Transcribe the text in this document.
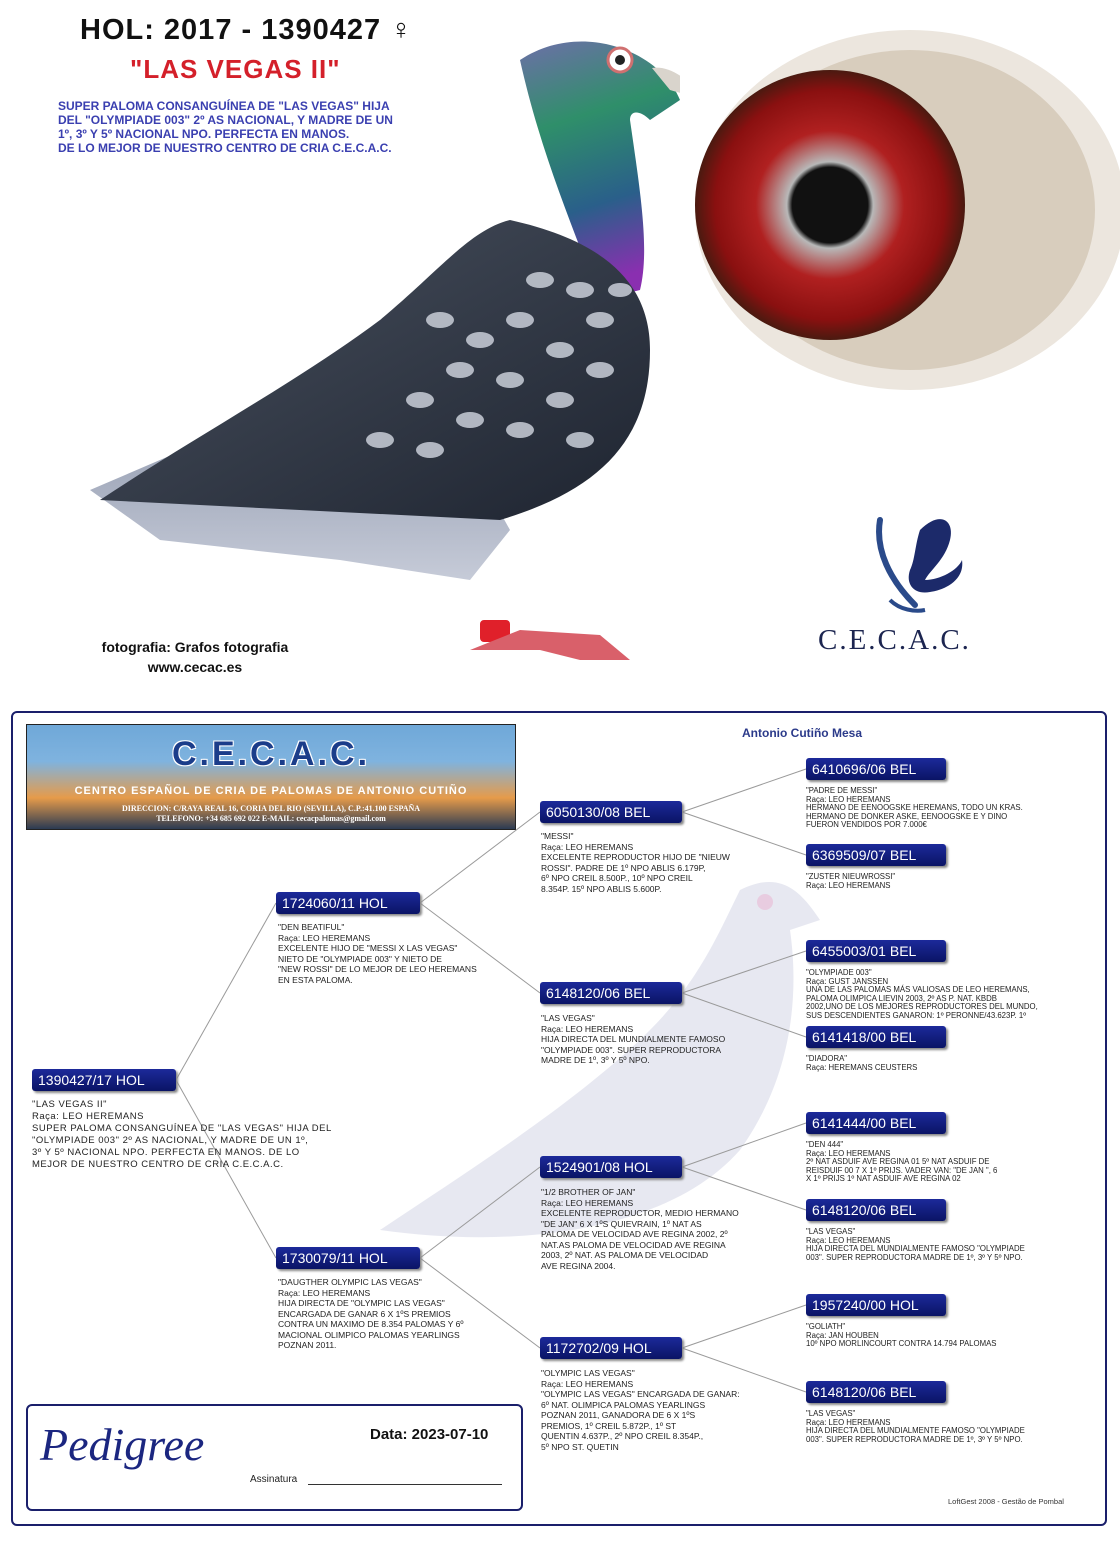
HOL: 2017 - 1390427 ♀
"LAS VEGAS II"
SUPER PALOMA CONSANGUÍNEA DE "LAS VEGAS" HIJA
DEL "OLYMPIADE 003" 2º AS NACIONAL, Y MADRE DE UN
1º, 3º Y 5º NACIONAL NPO. PERFECTA EN MANOS.
DE LO MEJOR DE NUESTRO CENTRO DE CRIA C.E.C.A.C.
fotografia: Grafos fotografia
www.cecac.es
C.E.C.A.C.
C.E.C.A.C.
CENTRO ESPAÑOL DE CRIA DE PALOMAS DE ANTONIO CUTIÑO
DIRECCION: C/RAYA REAL 16, CORIA DEL RIO (SEVILLA), C.P.:41.100 ESPAÑA
TELEFONO: +34 685 692 022 E-MAIL: cecacpalomas@gmail.com
Antonio Cutiño Mesa
1390427/17 HOL
"LAS VEGAS II"
Raça: LEO HEREMANS
SUPER PALOMA CONSANGUÍNEA DE "LAS VEGAS" HIJA DEL
"OLYMPIADE 003" 2º AS NACIONAL, Y MADRE DE UN 1º,
3º Y 5º NACIONAL NPO. PERFECTA EN MANOS. DE LO
MEJOR DE NUESTRO CENTRO DE CRIA C.E.C.A.C.
1724060/11 HOL
"DEN BEATIFUL"
Raça: LEO HEREMANS
EXCELENTE HIJO DE "MESSI X LAS VEGAS"
NIETO DE "OLYMPIADE 003" Y NIETO DE
"NEW ROSSI" DE LO MEJOR DE LEO HEREMANS
EN ESTA PALOMA.
1730079/11 HOL
"DAUGTHER OLYMPIC LAS VEGAS"
Raça: LEO HEREMANS
HIJA DIRECTA DE "OLYMPIC LAS VEGAS"
ENCARGADA DE GANAR 6 X 1ºS PREMIOS
CONTRA UN MAXIMO DE 8.354 PALOMAS Y 6º
MACIONAL OLIMPICO PALOMAS YEARLINGS
POZNAN 2011.
6050130/08 BEL
"MESSI"
Raça: LEO HEREMANS
EXCELENTE REPRODUCTOR HIJO DE "NIEUW
ROSSI". PADRE DE 1º NPO ABLIS 6.179P,
6º NPO CREIL 8.500P., 10º NPO CREIL
8.354P. 15º NPO ABLIS 5.600P.
6148120/06 BEL
"LAS VEGAS"
Raça: LEO HEREMANS
HIJA DIRECTA DEL MUNDIALMENTE FAMOSO
"OLYMPIADE 003". SUPER REPRODUCTORA
MADRE DE 1º, 3º Y 5º NPO.
1524901/08 HOL
"1/2 BROTHER OF JAN"
Raça: LEO HEREMANS
EXCELENTE REPRODUCTOR, MEDIO HERMANO
"DE JAN" 6 X 1ºS QUIEVRAIN, 1º NAT AS
PALOMA DE VELOCIDAD AVE REGINA 2002, 2º
NAT.AS PALOMA DE VELOCIDAD AVE REGINA
2003, 2º NAT. AS PALOMA DE VELOCIDAD
AVE REGINA 2004.
1172702/09 HOL
"OLYMPIC LAS VEGAS"
Raça: LEO HEREMANS
"OLYMPIC LAS VEGAS" ENCARGADA DE GANAR:
6º NAT. OLIMPICA PALOMAS YEARLINGS
POZNAN 2011, GANADORA DE 6 X 1ºS
PREMIOS, 1º CREIL 5.872P., 1º ST
QUENTIN 4.637P., 2º NPO CREIL 8.354P.,
5º NPO ST. QUETIN
6410696/06 BEL
"PADRE DE MESSI"
Raça: LEO HEREMANS
HERMANO DE EENOOGSKE HEREMANS, TODO UN KRAS.
HERMANO DE DONKER ASKE, EENOOGSKE E Y DINO
FUERON VENDIDOS POR 7.000€
6369509/07 BEL
"ZUSTER NIEUWROSSI"
Raça: LEO HEREMANS
6455003/01 BEL
"OLYMPIADE 003"
Raça: GUST JANSSEN
UNA DE LAS PALOMAS MÁS VALIOSAS DE LEO HEREMANS,
PALOMA OLIMPICA LIEVIN 2003, 2º AS P. NAT. KBDB
2002,UNO DE LOS MEJORES REPRODUCTORES DEL MUNDO,
SUS DESCENDIENTES GANARON: 1º PERONNE/43.623P. 1º
6141418/00 BEL
"DIADORA"
Raça: HEREMANS CEUSTERS
6141444/00 BEL
"DEN 444"
Raça: LEO HEREMANS
2º NAT ASDUIF AVE REGINA 01 5º NAT ASDUIF DE
REISDUIF 00 7 X 1º PRIJS. VADER VAN: "DE JAN ", 6
X 1º PRIJS 1º NAT ASDUIF AVE REGINA 02
6148120/06 BEL
"LAS VEGAS"
Raça: LEO HEREMANS
HIJA DIRECTA DEL MUNDIALMENTE FAMOSO "OLYMPIADE
003". SUPER REPRODUCTORA MADRE DE 1º, 3º Y 5º NPO.
1957240/00 HOL
"GOLIATH"
Raça: JAN HOUBEN
10º NPO MORLINCOURT CONTRA 14.794 PALOMAS
6148120/06 BEL
"LAS VEGAS"
Raça: LEO HEREMANS
HIJA DIRECTA DEL MUNDIALMENTE FAMOSO "OLYMPIADE
003". SUPER REPRODUCTORA MADRE DE 1º, 3º Y 5º NPO.
Pedigree	Data: 2023-07-10
Assinatura
LoftGest 2008 - Gestão de Pombal
